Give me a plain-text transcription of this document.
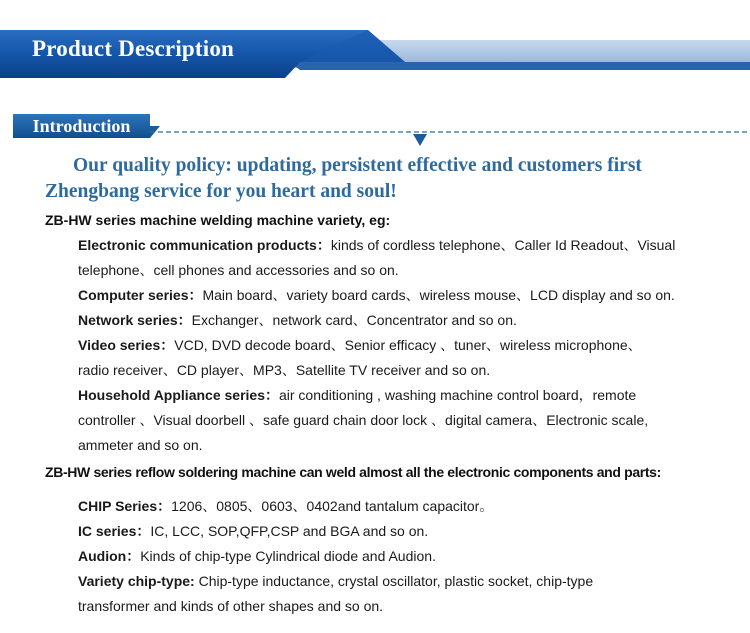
Product Description
Introduction
Our quality policy: updating, persistent effective and customers first
Zhengbang service for you heart and soul!
ZB-HW series machine welding machine variety, eg:

Electronic communication products：kinds of cordless telephone、Caller Id Readout、Visual

telephone、cell phones and accessories and so on.

Computer series：Main board、variety board cards、wireless mouse、LCD display and so on.

Network series：Exchanger、network card、Concentrator and so on.

Video series：VCD, DVD decode board、Senior efficacy 、tuner、wireless microphone、

radio receiver、CD player、MP3、Satellite TV receiver and so on.

Household Appliance series：air conditioning , washing machine control board，remote

controller 、Visual doorbell 、safe guard chain door lock 、digital camera、Electronic scale,

ammeter and so on.

ZB-HW series reflow soldering machine can weld almost all the electronic components and parts:

CHIP Series：1206、0805、0603、0402and tantalum capacitor。

IC series：IC, LCC, SOP,QFP,CSP and BGA and so on.

Audion：Kinds of chip-type Cylindrical diode and Audion.

Variety chip-type: Chip-type inductance, crystal oscillator, plastic socket, chip-type

transformer and kinds of other shapes and so on.
